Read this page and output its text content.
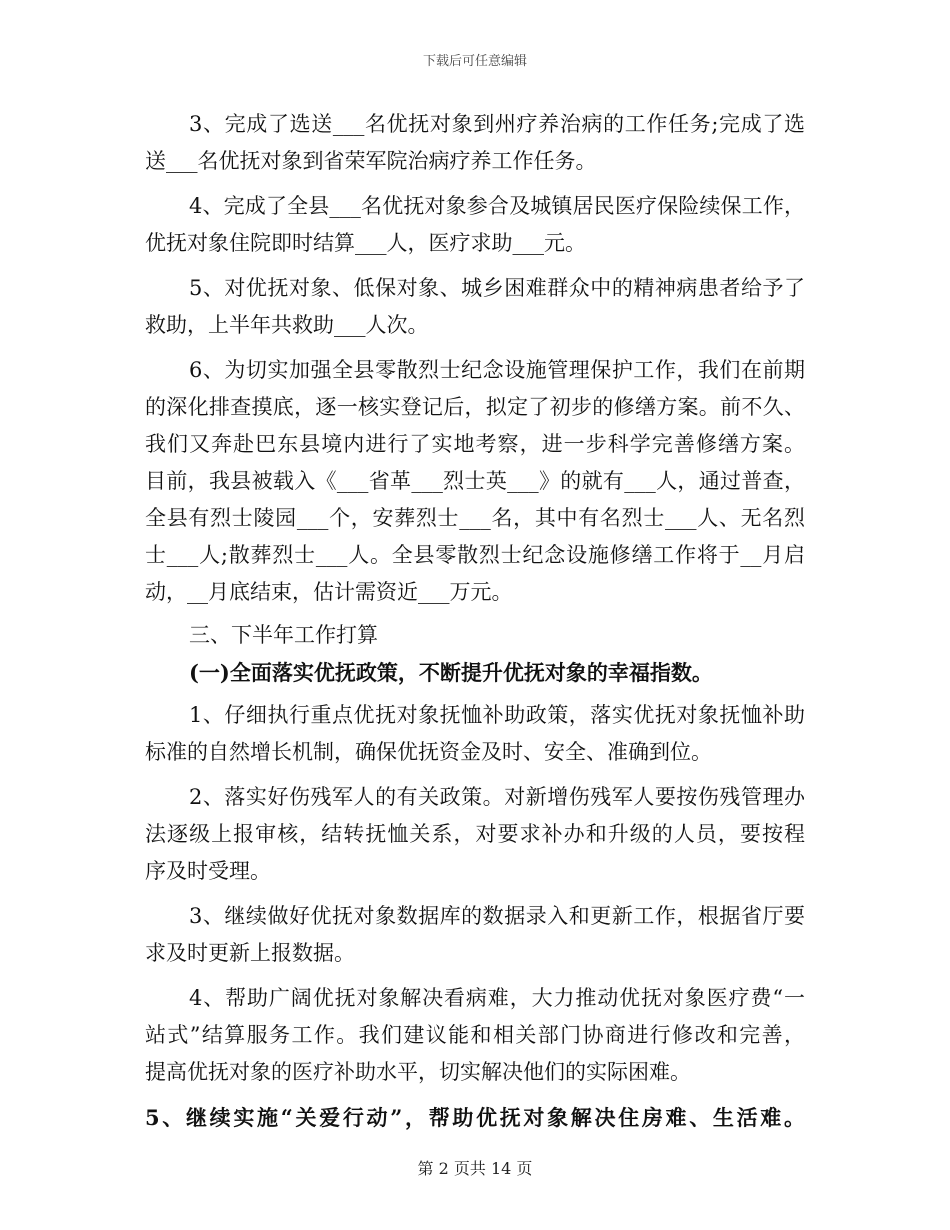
下载后可任意编辑
3、完成了选送___名优抚对象到州疗养治病的工作任务;完成了选
送___名优抚对象到省荣军院治病疗养工作任务。
4、完成了全县___名优抚对象参合及城镇居民医疗保险续保工作，
优抚对象住院即时结算___人，医疗求助___元。
5、对优抚对象、低保对象、城乡困难群众中的精神病患者给予了
救助，上半年共救助___人次。
6、为切实加强全县零散烈士纪念设施管理保护工作，我们在前期
的深化排查摸底，逐一核实登记后，拟定了初步的修缮方案。前不久、
我们又奔赴巴东县境内进行了实地考察，进一步科学完善修缮方案。
目前，我县被载入《___省革___烈士英___》的就有___人，通过普查，
全县有烈士陵园___个，安葬烈士___名，其中有名烈士___人、无名烈
士___人;散葬烈士___人。全县零散烈士纪念设施修缮工作将于__月启
动，__月底结束，估计需资近___万元。
三、下半年工作打算
(一)全面落实优抚政策，不断提升优抚对象的幸福指数。
1、仔细执行重点优抚对象抚恤补助政策，落实优抚对象抚恤补助
标准的自然增长机制，确保优抚资金及时、安全、准确到位。
2、落实好伤残军人的有关政策。对新增伤残军人要按伤残管理办
法逐级上报审核，结转抚恤关系，对要求补办和升级的人员，要按程
序及时受理。
3、继续做好优抚对象数据库的数据录入和更新工作，根据省厅要
求及时更新上报数据。
4、帮助广阔优抚对象解决看病难，大力推动优抚对象医疗费“一
站式”结算服务工作。我们建议能和相关部门协商进行修改和完善，
提高优抚对象的医疗补助水平，切实解决他们的实际困难。
5、继续实施“关爱行动”，帮助优抚对象解决住房难、生活难。
第 2 页共 14 页
